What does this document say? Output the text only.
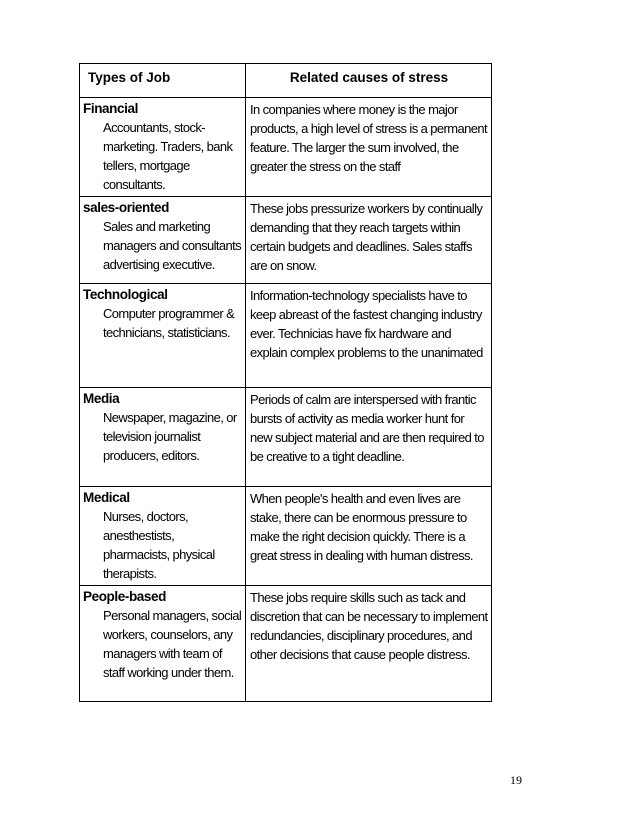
Types of Job	Related causes of stress
Financial
Accountants, stock-marketing. Traders, bank tellers, mortgage consultants.
In companies where money is the major products, a high level of stress is a permanent feature. The larger the sum involved, the greater the stress on the staff
sales-oriented
Sales and marketing managers and consultants advertising executive.
These jobs pressurize workers by continually demanding that they reach targets within certain budgets and deadlines. Sales staffs are on snow.
Technological
Computer programmer & technicians, statisticians.
Information-technology specialists have to keep abreast of the fastest changing industry ever. Technicias have fix hardware and explain complex problems to the unanimated
Media
Newspaper, magazine, or television journalist producers, editors.
Periods of calm are interspersed with frantic bursts of activity as media worker hunt for new subject material and are then required to be creative to a tight deadline.
Medical
Nurses, doctors, anesthestists, pharmacists, physical therapists.
When people's health and even lives are stake, there can be enormous pressure to make the right decision quickly. There is a great stress in dealing with human distress.
People-based
Personal managers, social workers, counselors, any managers with team of staff working under them.
These jobs require skills such as tack and discretion that can be necessary to implement redundancies, disciplinary procedures, and other decisions that cause people distress.
19
